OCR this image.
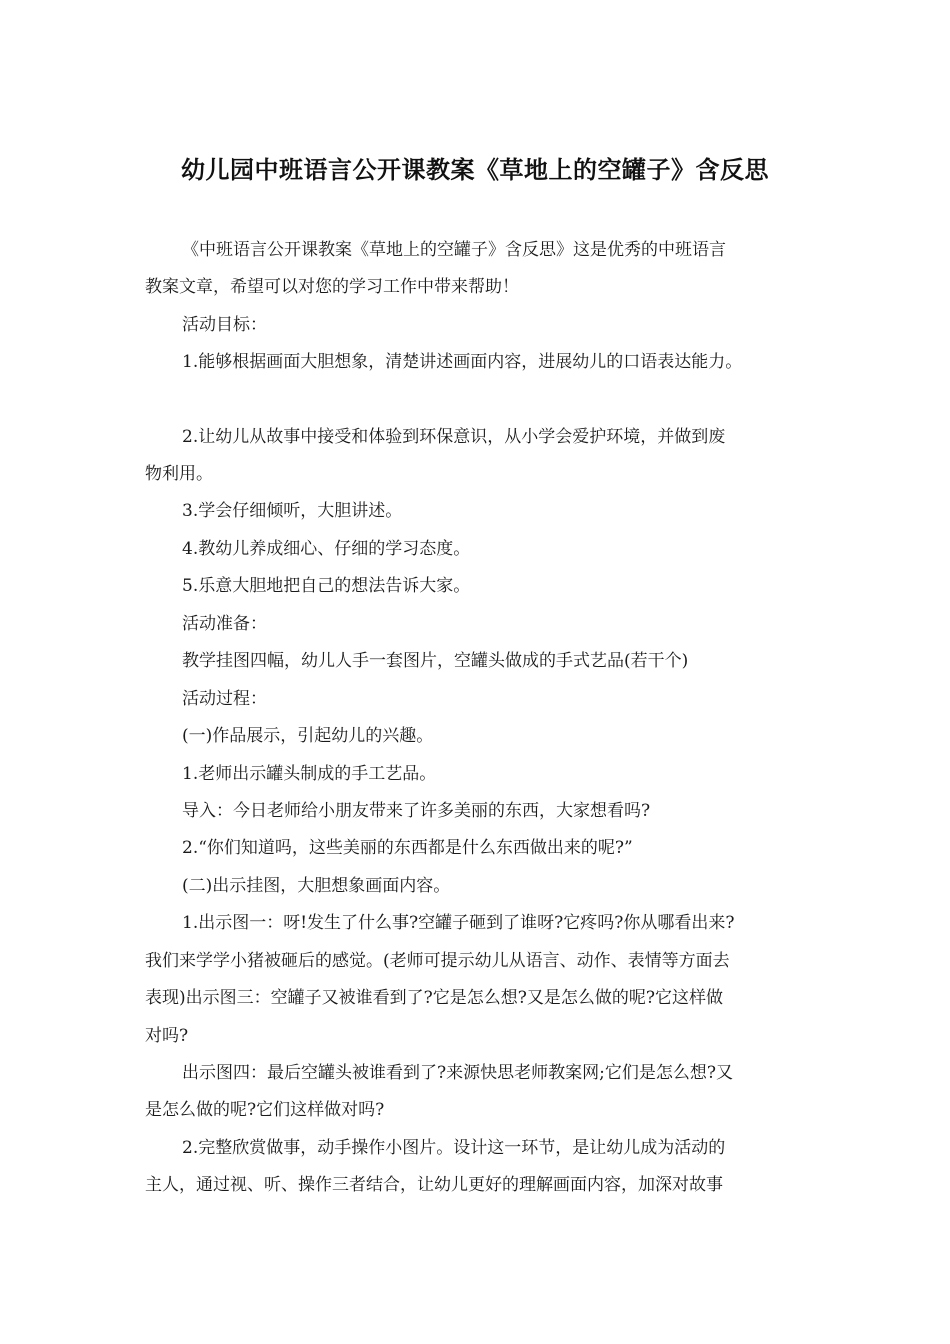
幼儿园中班语言公开课教案《草地上的空罐子》含反思
《中班语言公开课教案《草地上的空罐子》含反思》这是优秀的中班语言
教案文章，希望可以对您的学习工作中带来帮助！
活动目标：
1.能够根据画面大胆想象，清楚讲述画面内容，进展幼儿的口语表达能力。
2.让幼儿从故事中接受和体验到环保意识，从小学会爱护环境，并做到废
物利用。
3.学会仔细倾听，大胆讲述。
4.教幼儿养成细心、仔细的学习态度。
5.乐意大胆地把自己的想法告诉大家。
活动准备：
教学挂图四幅，幼儿人手一套图片，空罐头做成的手式艺品(若干个)
活动过程：
(一)作品展示，引起幼儿的兴趣。
1.老师出示罐头制成的手工艺品。
导入：今日老师给小朋友带来了许多美丽的东西，大家想看吗?
2.“你们知道吗，这些美丽的东西都是什么东西做出来的呢?”
(二)出示挂图，大胆想象画面内容。
1.出示图一：呀!发生了什么事?空罐子砸到了谁呀?它疼吗?你从哪看出来?
我们来学学小猪被砸后的感觉。(老师可提示幼儿从语言、动作、表情等方面去
表现)出示图三：空罐子又被谁看到了?它是怎么想?又是怎么做的呢?它这样做
对吗?
出示图四：最后空罐头被谁看到了?来源快思老师教案网;它们是怎么想?又
是怎么做的呢?它们这样做对吗?
2.完整欣赏做事，动手操作小图片。设计这一环节，是让幼儿成为活动的
主人，通过视、听、操作三者结合，让幼儿更好的理解画面内容，加深对故事
